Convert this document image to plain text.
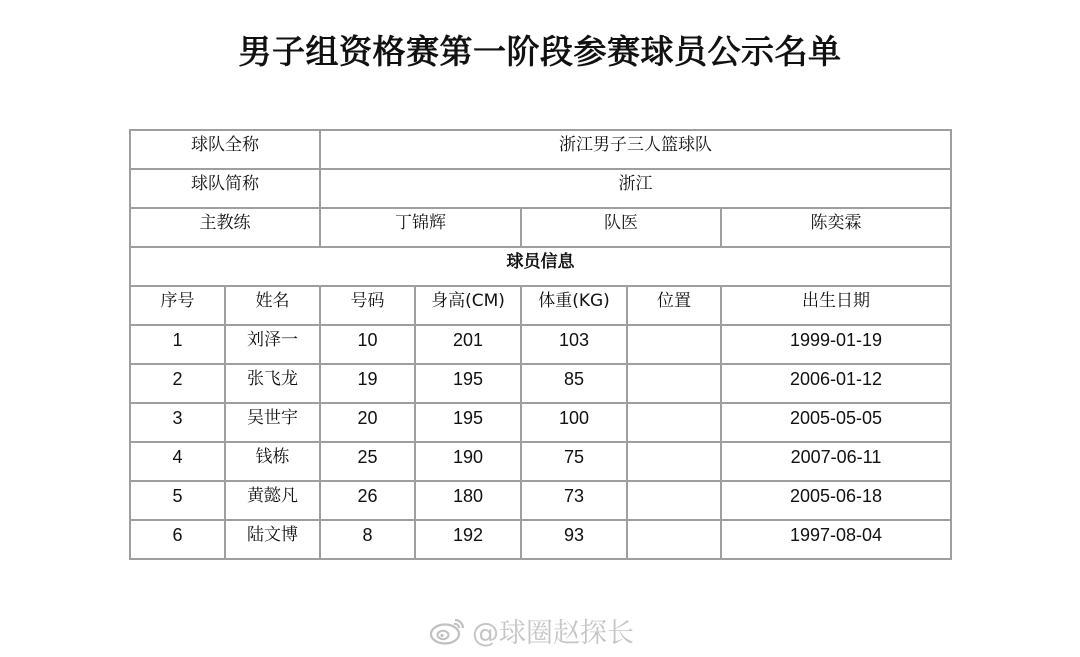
男子组资格赛第一阶段参赛球员公示名单
球队全称		浙江男子三人篮球队				
球队简称		浙江				
主教练		丁锦辉		队医		陈奕霖
球员信息						
序号	姓名	号码	身高(CM)	体重(KG)	位置	出生日期
1	刘泽一	10	201	103		1999-01-19
2	张飞龙	19	195	85		2006-01-12
3	吴世宇	20	195	100		2005-05-05
4	钱栋	25	190	75		2007-06-11
5	黄懿凡	26	180	73		2005-06-18
6	陆文博	8	192	93		1997-08-04
@球圈赵探长
